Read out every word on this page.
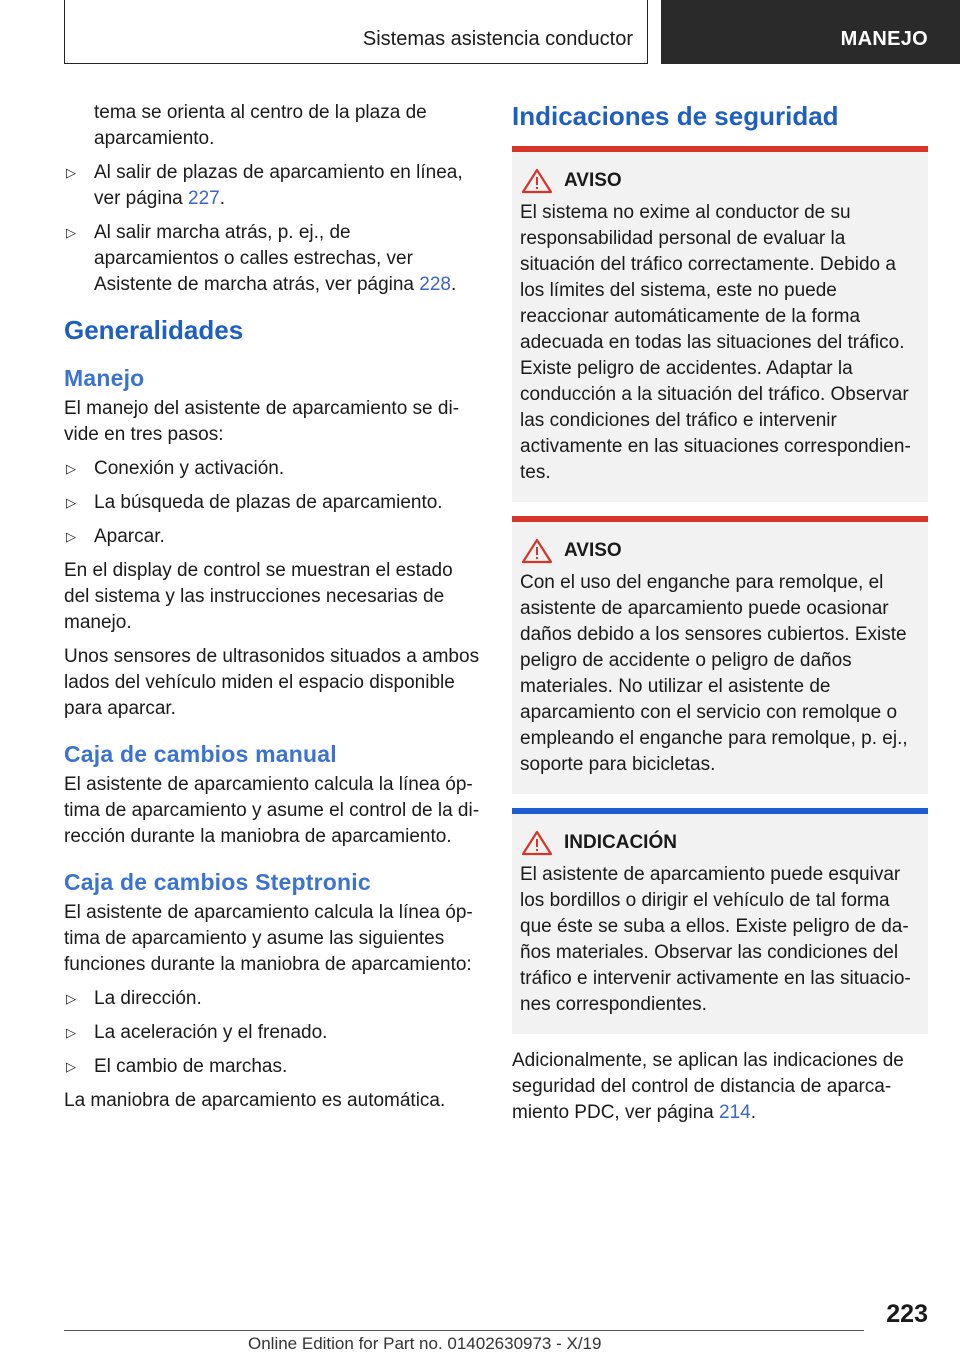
Sistemas asistencia conductor	MANEJO

tema se orienta al centro de la plaza de aparcamiento.

▷ Al salir de plazas de aparcamiento en línea, ver página 227.
▷ Al salir marcha atrás, p. ej., de aparcamientos o calles estrechas, ver Asistente de marcha atrás, ver página 228.
Generalidades
Manejo

El manejo del asistente de aparcamiento se divide en tres pasos:

▷ Conexión y activación.
▷ La búsqueda de plazas de aparcamiento.
▷ Aparcar.

En el display de control se muestran el estado del sistema y las instrucciones necesarias de manejo.

Unos sensores de ultrasonidos situados a ambos lados del vehículo miden el espacio disponible para aparcar.

Caja de cambios manual

El asistente de aparcamiento calcula la línea óptima de aparcamiento y asume el control de la dirección durante la maniobra de aparcamiento.

Caja de cambios Steptronic

El asistente de aparcamiento calcula la línea óptima de aparcamiento y asume las siguientes funciones durante la maniobra de aparcamiento:

▷ La dirección.
▷ La aceleración y el frenado.
▷ El cambio de marchas.

La maniobra de aparcamiento es automática.

Indicaciones de seguridad
AVISO
El sistema no exime al conductor de su responsabilidad personal de evaluar la situación del tráfico correctamente. Debido a los límites del sistema, este no puede reaccionar automáticamente de la forma adecuada en todas las situaciones del tráfico. Existe peligro de accidentes. Adaptar la conducción a la situación del tráfico. Observar las condiciones del tráfico e intervenir activamente en las situaciones correspondientes.
AVISO
Con el uso del enganche para remolque, el asistente de aparcamiento puede ocasionar daños debido a los sensores cubiertos. Existe peligro de accidente o peligro de daños materiales. No utilizar el asistente de aparcamiento con el servicio con remolque o empleando el enganche para remolque, p. ej., soporte para bicicletas.
INDICACIÓN
El asistente de aparcamiento puede esquivar los bordillos o dirigir el vehículo de tal forma que éste se suba a ellos. Existe peligro de daños materiales. Observar las condiciones del tráfico e intervenir activamente en las situaciones correspondientes.

Adicionalmente, se aplican las indicaciones de seguridad del control de distancia de aparcamiento PDC, ver página 214.

223
Online Edition for Part no. 01402630973 - X/19
